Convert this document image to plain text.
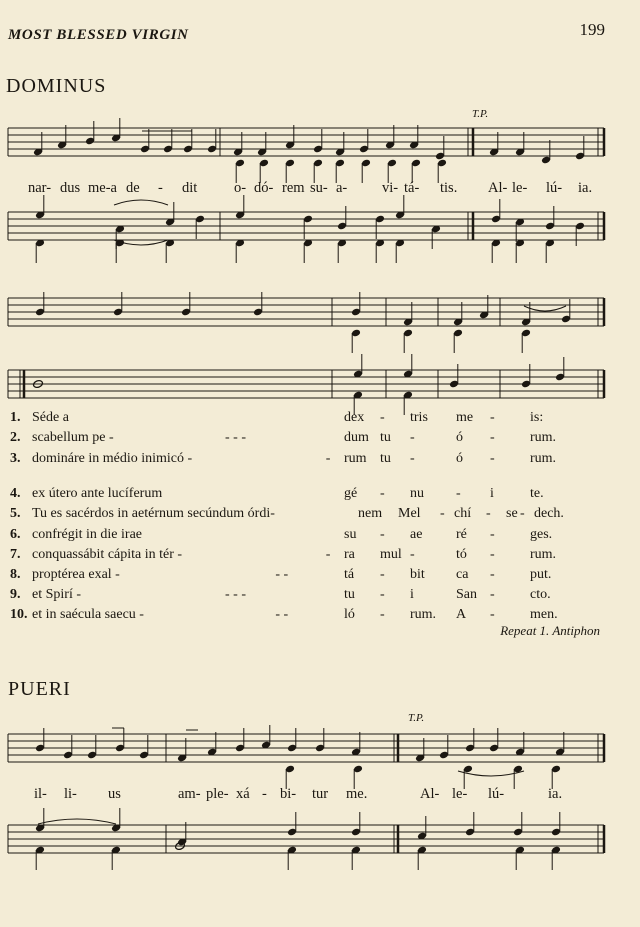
MOST BLESSED VIRGIN	199
DOMINUS
PUERI
T.P.
T.P.
nar- dus me-a de - dit	o- dó- rem su- a- vi- tá- tis. Al- le- lú- ia.
il- li- us	am- ple- xá - bi- tur me.	Al- le- lú-	ia.
1. Séde a	dex - tris me -	is:
2. scabellum pe -	- - -	dum tu -	ó -	rum.
3. domináre in médio inimicó -	- rum tu -	ó -	rum.
4. ex útero ante lucíferum	gé - nu - i	te.
5. Tu es sacérdos in aetérnum secúndum órdi-	nem Mel - chí - se - dech.
6. confrégit in die irae	su - ae ré -	ges.
7. conquassábit cápita in tér -	- ra mul -	tó -	rum.
8. proptérea exal -	- -	tá - bit ca -	put.
9. et Spirí -	- - -	tu - i	San -	cto.
10. et in saécula saecu -	- -	ló - rum. A -	men.
Repeat 1. Antiphon
